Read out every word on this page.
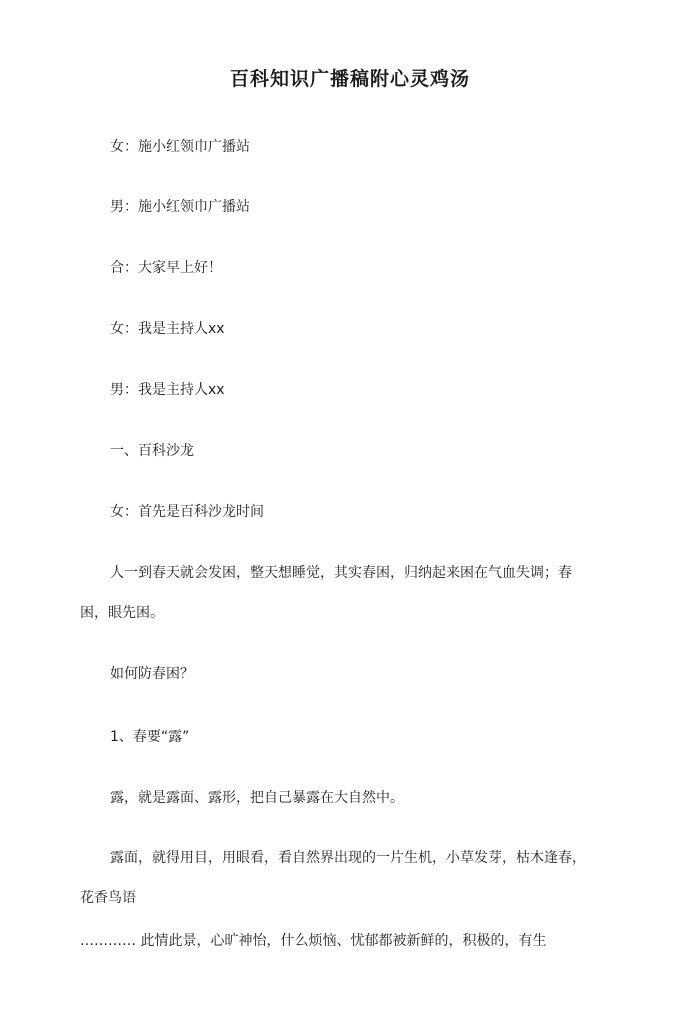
百科知识广播稿附心灵鸡汤
女：施小红领巾广播站
男：施小红领巾广播站
合：大家早上好！
女：我是主持人xx
男：我是主持人xx
一、百科沙龙
女：首先是百科沙龙时间
人一到春天就会发困，整天想睡觉，其实春困，归纳起来困在气血失调；春
困，眼先困。
如何防春困？
1、春要“露”
露，就是露面、露形，把自己暴露在大自然中。
露面，就得用目，用眼看，看自然界出现的一片生机，小草发芽，枯木逢春，
花香鸟语
………… 此情此景，心旷神怡，什么烦恼、忧郁都被新鲜的，积极的，有生
